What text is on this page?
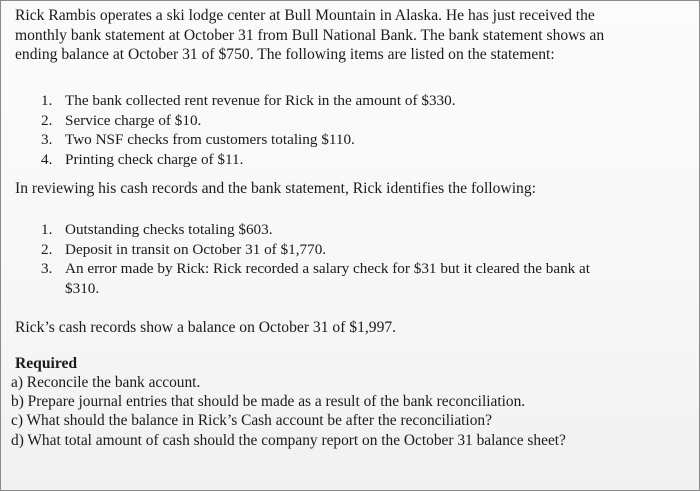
Rick Rambis operates a ski lodge center at Bull Mountain in Alaska. He has just received the
monthly bank statement at October 31 from Bull National Bank. The bank statement shows an
ending balance at October 31 of $750. The following items are listed on the statement:

1. The bank collected rent revenue for Rick in the amount of $330.
2. Service charge of $10.
3. Two NSF checks from customers totaling $110.
4. Printing check charge of $11.

In reviewing his cash records and the bank statement, Rick identifies the following:

1. Outstanding checks totaling $603.
2. Deposit in transit on October 31 of $1,770.
3. An error made by Rick: Rick recorded a salary check for $31 but it cleared the bank at
$310.

Rick’s cash records show a balance on October 31 of $1,997.

Required

a) Reconcile the bank account.
b) Prepare journal entries that should be made as a result of the bank reconciliation.
c) What should the balance in Rick’s Cash account be after the reconciliation?
d) What total amount of cash should the company report on the October 31 balance sheet?
